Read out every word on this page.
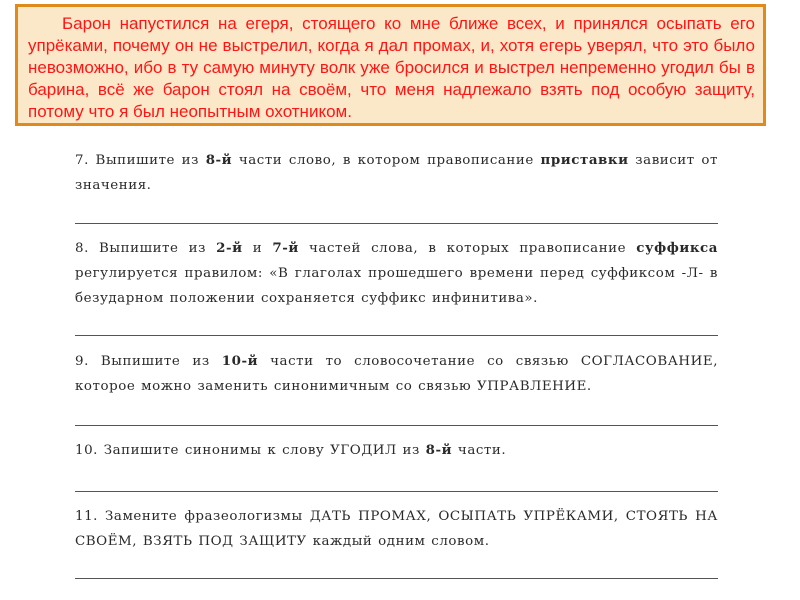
Барон напустился на егеря, стоящего ко мне ближе всех, и принялся осыпать его упрёками, почему он не выстрелил, когда я дал промах, и, хотя егерь уверял, что это было невозможно, ибо в ту самую минуту волк уже бросился и выстрел непременно угодил бы в барина, всё же барон стоял на своём, что меня надлежало взять под особую защиту, потому что я был неопытным охотником.
7. Выпишите из 8-й части слово, в котором правописание приставки зависит от значения.
8. Выпишите из 2-й и 7-й частей слова, в которых правописание суффикса регулируется правилом: «В глаголах прошедшего времени перед суффиксом -Л- в безударном положении сохраняется суффикс инфинитива».
9. Выпишите из 10-й части то словосочетание со связью СОГЛАСОВАНИЕ, которое можно заменить синонимичным со связью УПРАВЛЕНИЕ.
10. Запишите синонимы к слову УГОДИЛ из 8-й части.
11. Замените фразеологизмы ДАТЬ ПРОМАХ, ОСЫПАТЬ УПРЁКАМИ, СТОЯТЬ НА СВОЁМ, ВЗЯТЬ ПОД ЗАЩИТУ каждый одним словом.
